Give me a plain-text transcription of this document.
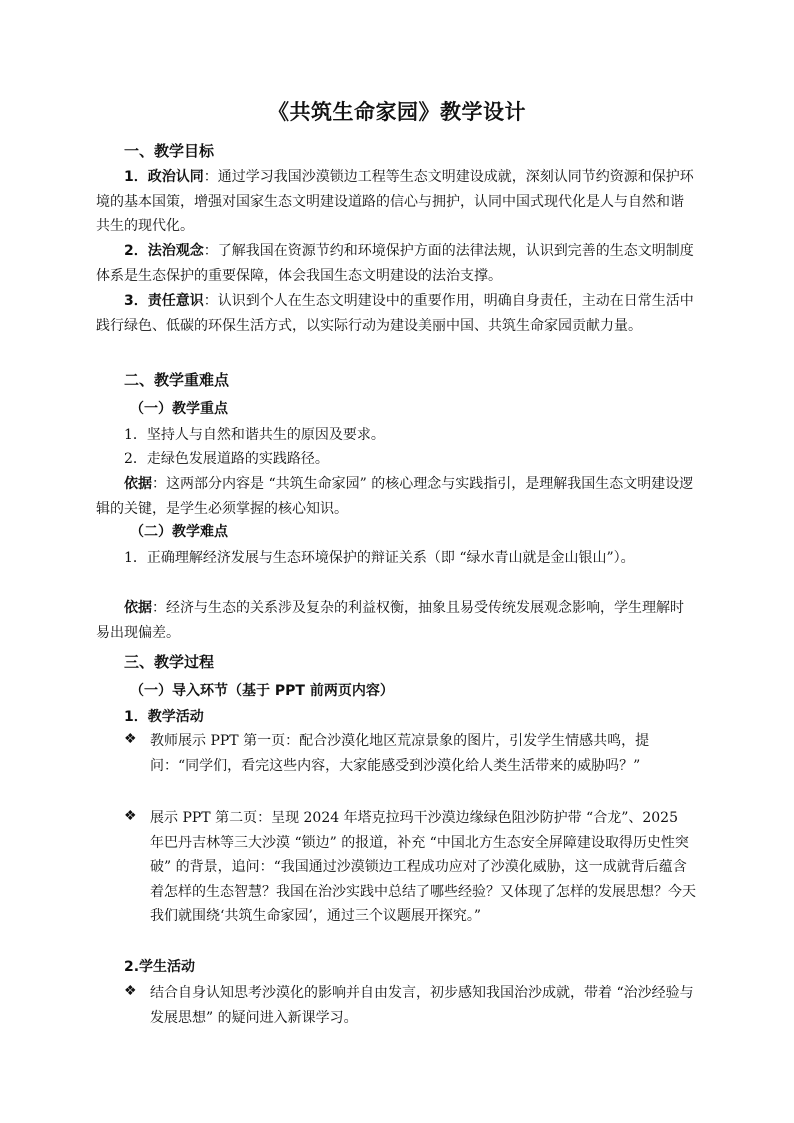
《共筑生命家园》教学设计
一、教学目标
1．政治认同：通过学习我国沙漠锁边工程等生态文明建设成就，深刻认同节约资源和保护环境的基本国策，增强对国家生态文明建设道路的信心与拥护，认同中国式现代化是人与自然和谐共生的现代化。
2．法治观念：了解我国在资源节约和环境保护方面的法律法规，认识到完善的生态文明制度体系是生态保护的重要保障，体会我国生态文明建设的法治支撑。
3．责任意识：认识到个人在生态文明建设中的重要作用，明确自身责任，主动在日常生活中践行绿色、低碳的环保生活方式，以实际行动为建设美丽中国、共筑生命家园贡献力量。
二、教学重难点
（一）教学重点
1．坚持人与自然和谐共生的原因及要求。
2．走绿色发展道路的实践路径。
依据：这两部分内容是 “共筑生命家园” 的核心理念与实践指引，是理解我国生态文明建设逻辑的关键，是学生必须掌握的核心知识。
（二）教学难点
1．正确理解经济发展与生态环境保护的辩证关系（即 “绿水青山就是金山银山”）。
依据：经济与生态的关系涉及复杂的利益权衡，抽象且易受传统发展观念影响，学生理解时易出现偏差。
三、教学过程
（一）导入环节（基于 PPT 前两页内容）
1．教学活动
❖ 教师展示 PPT 第一页：配合沙漠化地区荒凉景象的图片，引发学生情感共鸣，提问：“同学们，看完这些内容，大家能感受到沙漠化给人类生活带来的威胁吗？”
❖ 展示 PPT 第二页：呈现 2024 年塔克拉玛干沙漠边缘绿色阻沙防护带 “合龙”、2025 年巴丹吉林等三大沙漠 “锁边” 的报道，补充 “中国北方生态安全屏障建设取得历史性突破” 的背景，追问：“我国通过沙漠锁边工程成功应对了沙漠化威胁，这一成就背后蕴含着怎样的生态智慧？我国在治沙实践中总结了哪些经验？又体现了怎样的发展思想？今天我们就围绕‘共筑生命家园’，通过三个议题展开探究。”
2.学生活动
❖ 结合自身认知思考沙漠化的影响并自由发言，初步感知我国治沙成就，带着 “治沙经验与发展思想” 的疑问进入新课学习。
